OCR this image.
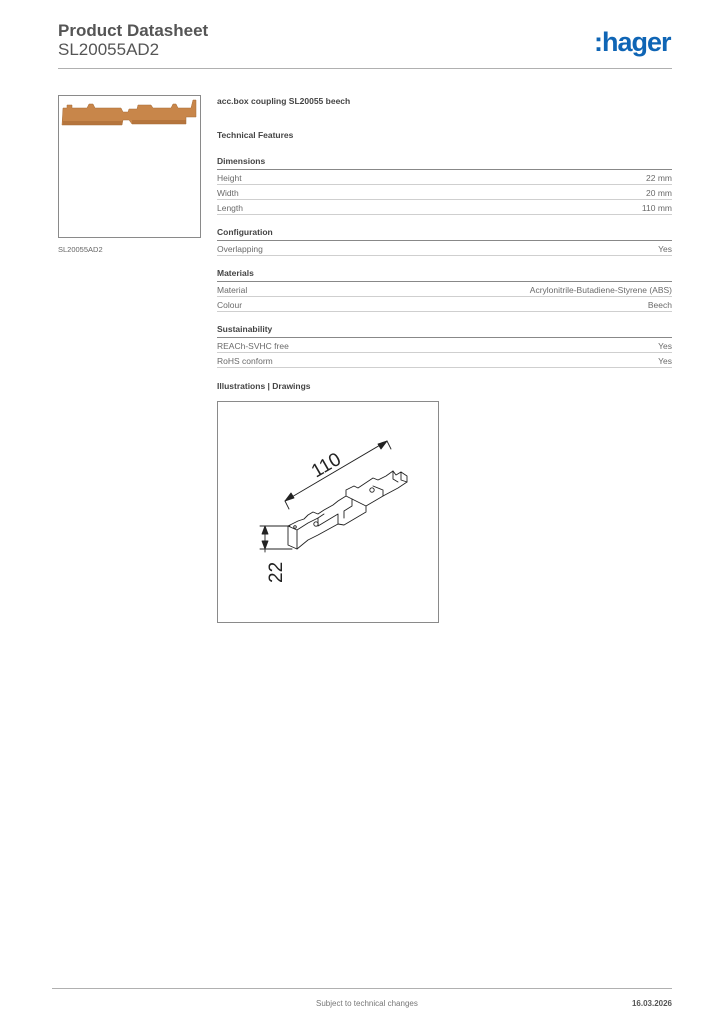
Product Datasheet
SL20055AD2	:hager
SL20055AD2
acc.box coupling SL20055 beech
Technical Features
Dimensions
Height	22 mm
Width	20 mm
Length	110 mm
Configuration
Overlapping	Yes
Materials
Material	Acrylonitrile-Butadiene-Styrene (ABS)
Colour	Beech
Sustainability
REACh-SVHC free	Yes
RoHS conform	Yes
Illustrations | Drawings
110
22
Subject to technical changes	16.03.2026
